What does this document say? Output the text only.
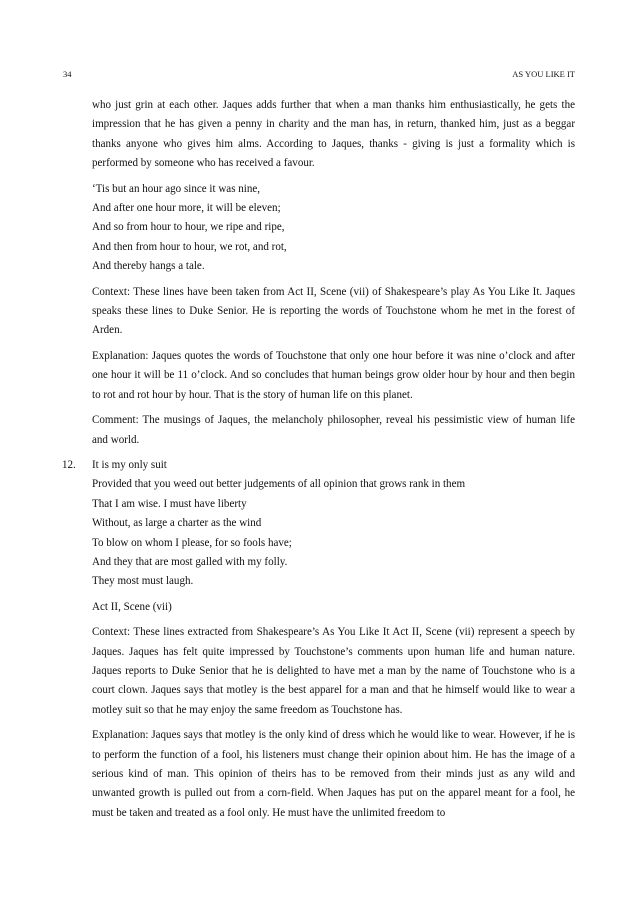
34	AS YOU LIKE IT

who just grin at each other. Jaques adds further that when a man thanks him enthusiastically, he gets the impression that he has given a penny in charity and the man has, in return, thanked him, just as a beggar thanks anyone who gives him alms. According to Jaques, thanks - giving is just a formality which is performed by someone who has received a favour.

‘Tis but an hour ago since it was nine,
And after one hour more, it will be eleven;
And so from hour to hour, we ripe and ripe,
And then from hour to hour, we rot, and rot,
And thereby hangs a tale.

Context: These lines have been taken from Act II, Scene (vii) of Shakespeare’s play As You Like It. Jaques speaks these lines to Duke Senior. He is reporting the words of Touchstone whom he met in the forest of Arden.

Explanation: Jaques quotes the words of Touchstone that only one hour before it was nine o’clock and after one hour it will be 11 o’clock. And so concludes that human beings grow older hour by hour and then begin to rot and rot hour by hour. That is the story of human life on this planet.

Comment: The musings of Jaques, the melancholy philosopher, reveal his pessimistic view of human life and world.

12. It is my only suit
Provided that you weed out better judgements of all opinion that grows rank in them
That I am wise. I must have liberty
Without, as large a charter as the wind
To blow on whom I please, for so fools have;
And they that are most galled with my folly.
They most must laugh.

Act II, Scene (vii)

Context: These lines extracted from Shakespeare’s As You Like It Act II, Scene (vii) represent a speech by Jaques. Jaques has felt quite impressed by Touchstone’s comments upon human life and human nature. Jaques reports to Duke Senior that he is delighted to have met a man by the name of Touchstone who is a court clown. Jaques says that motley is the best apparel for a man and that he himself would like to wear a motley suit so that he may enjoy the same freedom as Touchstone has.

Explanation: Jaques says that motley is the only kind of dress which he would like to wear. However, if he is to perform the function of a fool, his listeners must change their opinion about him. He has the image of a serious kind of man. This opinion of theirs has to be removed from their minds just as any wild and unwanted growth is pulled out from a corn-field. When Jaques has put on the apparel meant for a fool, he must be taken and treated as a fool only. He must have the unlimited freedom to
